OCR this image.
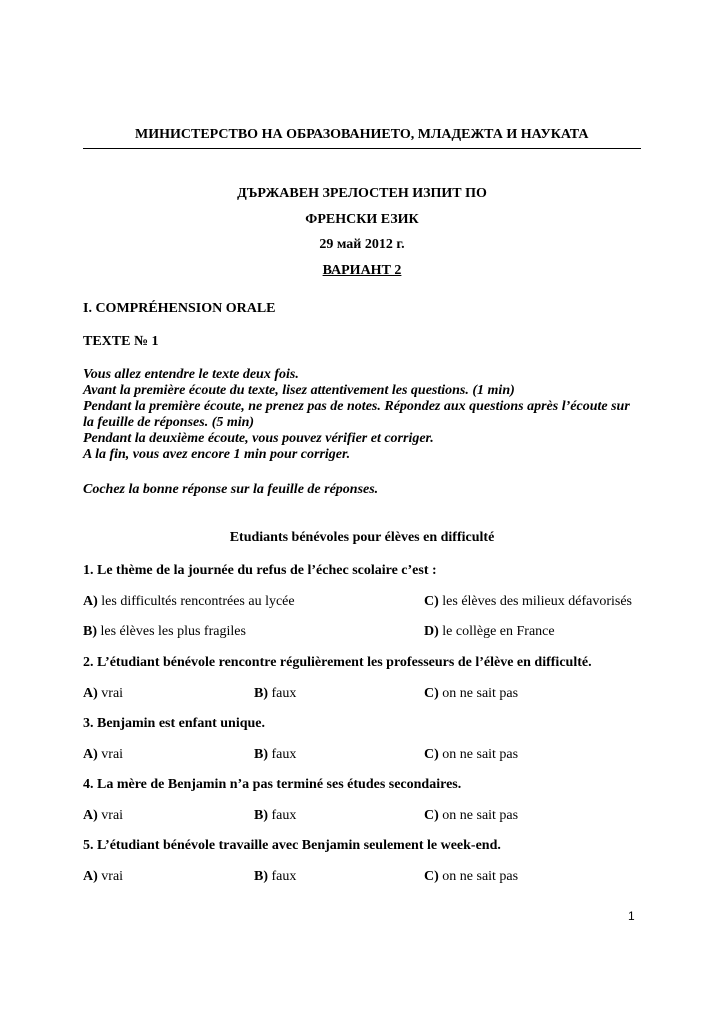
МИНИСТЕРСТВО НА ОБРАЗОВАНИЕТО, МЛАДЕЖТА И НАУКАТА
ДЪРЖАВЕН ЗРЕЛОСТЕН ИЗПИТ ПО
ФРЕНСКИ ЕЗИК
29 май 2012 г.
ВАРИАНТ 2
I. COMPRÉHENSION ORALE
TEXTE № 1
Vous allez entendre le texte deux fois.
Avant la première écoute du texte, lisez attentivement les questions. (1 min)
Pendant la première écoute, ne prenez pas de notes. Répondez aux questions après l’écoute sur
la feuille de réponses. (5 min)
Pendant la deuxième écoute, vous pouvez vérifier et corriger.
A la fin, vous avez encore 1 min pour corriger.
Cochez la bonne réponse sur la feuille de réponses.
Etudiants bénévoles pour élèves en difficulté
1. Le thème de la journée du refus de l’échec scolaire c’est :
A) les difficultés rencontrées au lycée	C) les élèves des milieux défavorisés
B) les élèves les plus fragiles	D) le collège en France
2. L’étudiant bénévole rencontre régulièrement les professeurs de l’élève en difficulté.
A) vrai	B) faux	C) on ne sait pas
3. Benjamin est enfant unique.
A) vrai	B) faux	C) on ne sait pas
4. La mère de Benjamin n’a pas terminé ses études secondaires.
A) vrai	B) faux	C) on ne sait pas
5. L’étudiant bénévole travaille avec Benjamin seulement le week-end.
A) vrai	B) faux	C) on ne sait pas
1
